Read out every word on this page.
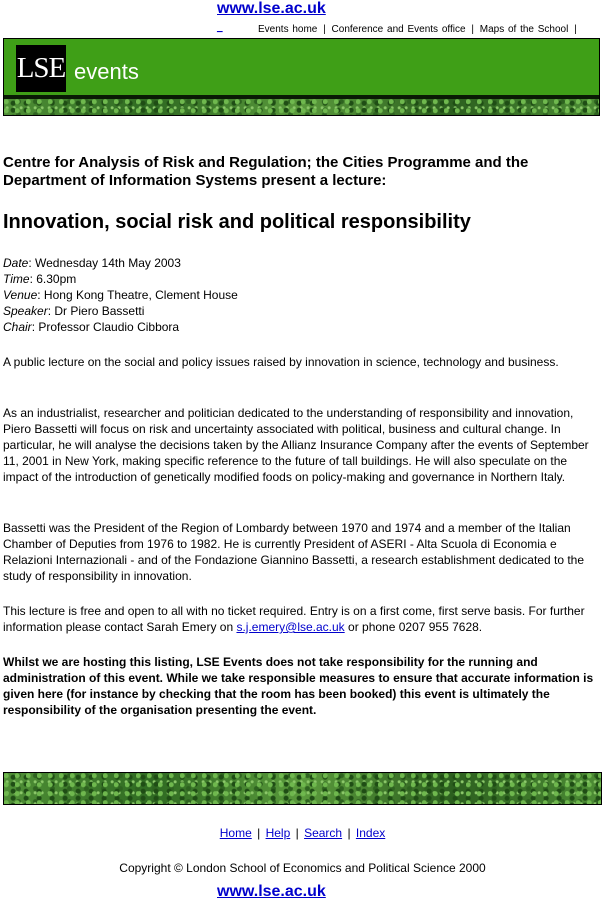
www.lse.ac.uk
_	Events home | Conference and Events office | Maps of the School |
LSE events

Centre for Analysis of Risk and Regulation; the Cities Programme and the Department of Information Systems present a lecture:

Innovation, social risk and political responsibility
Date: Wednesday 14th May 2003
Time: 6.30pm
Venue: Hong Kong Theatre, Clement House
Speaker: Dr Piero Bassetti
Chair: Professor Claudio Cibbora

A public lecture on the social and policy issues raised by innovation in science, technology and business.

As an industrialist, researcher and politician dedicated to the understanding of responsibility and innovation, Piero Bassetti will focus on risk and uncertainty associated with political, business and cultural change. In particular, he will analyse the decisions taken by the Allianz Insurance Company after the events of September 11, 2001 in New York, making specific reference to the future of tall buildings. He will also speculate on the impact of the introduction of genetically modified foods on policy-making and governance in Northern Italy.

Bassetti was the President of the Region of Lombardy between 1970 and 1974 and a member of the Italian Chamber of Deputies from 1976 to 1982. He is currently President of ASERI - Alta Scuola di Economia e Relazioni Internazionali - and of the Fondazione Giannino Bassetti, a research establishment dedicated to the study of responsibility in innovation.

This lecture is free and open to all with no ticket required. Entry is on a first come, first serve basis. For further information please contact Sarah Emery on s.j.emery@lse.ac.uk or phone 0207 955 7628.

Whilst we are hosting this listing, LSE Events does not take responsibility for the running and administration of this event. While we take responsible measures to ensure that accurate information is given here (for instance by checking that the room has been booked) this event is ultimately the responsibility of the organisation presenting the event.

Home | Help | Search | Index
Copyright © London School of Economics and Political Science 2000
www.lse.ac.uk
